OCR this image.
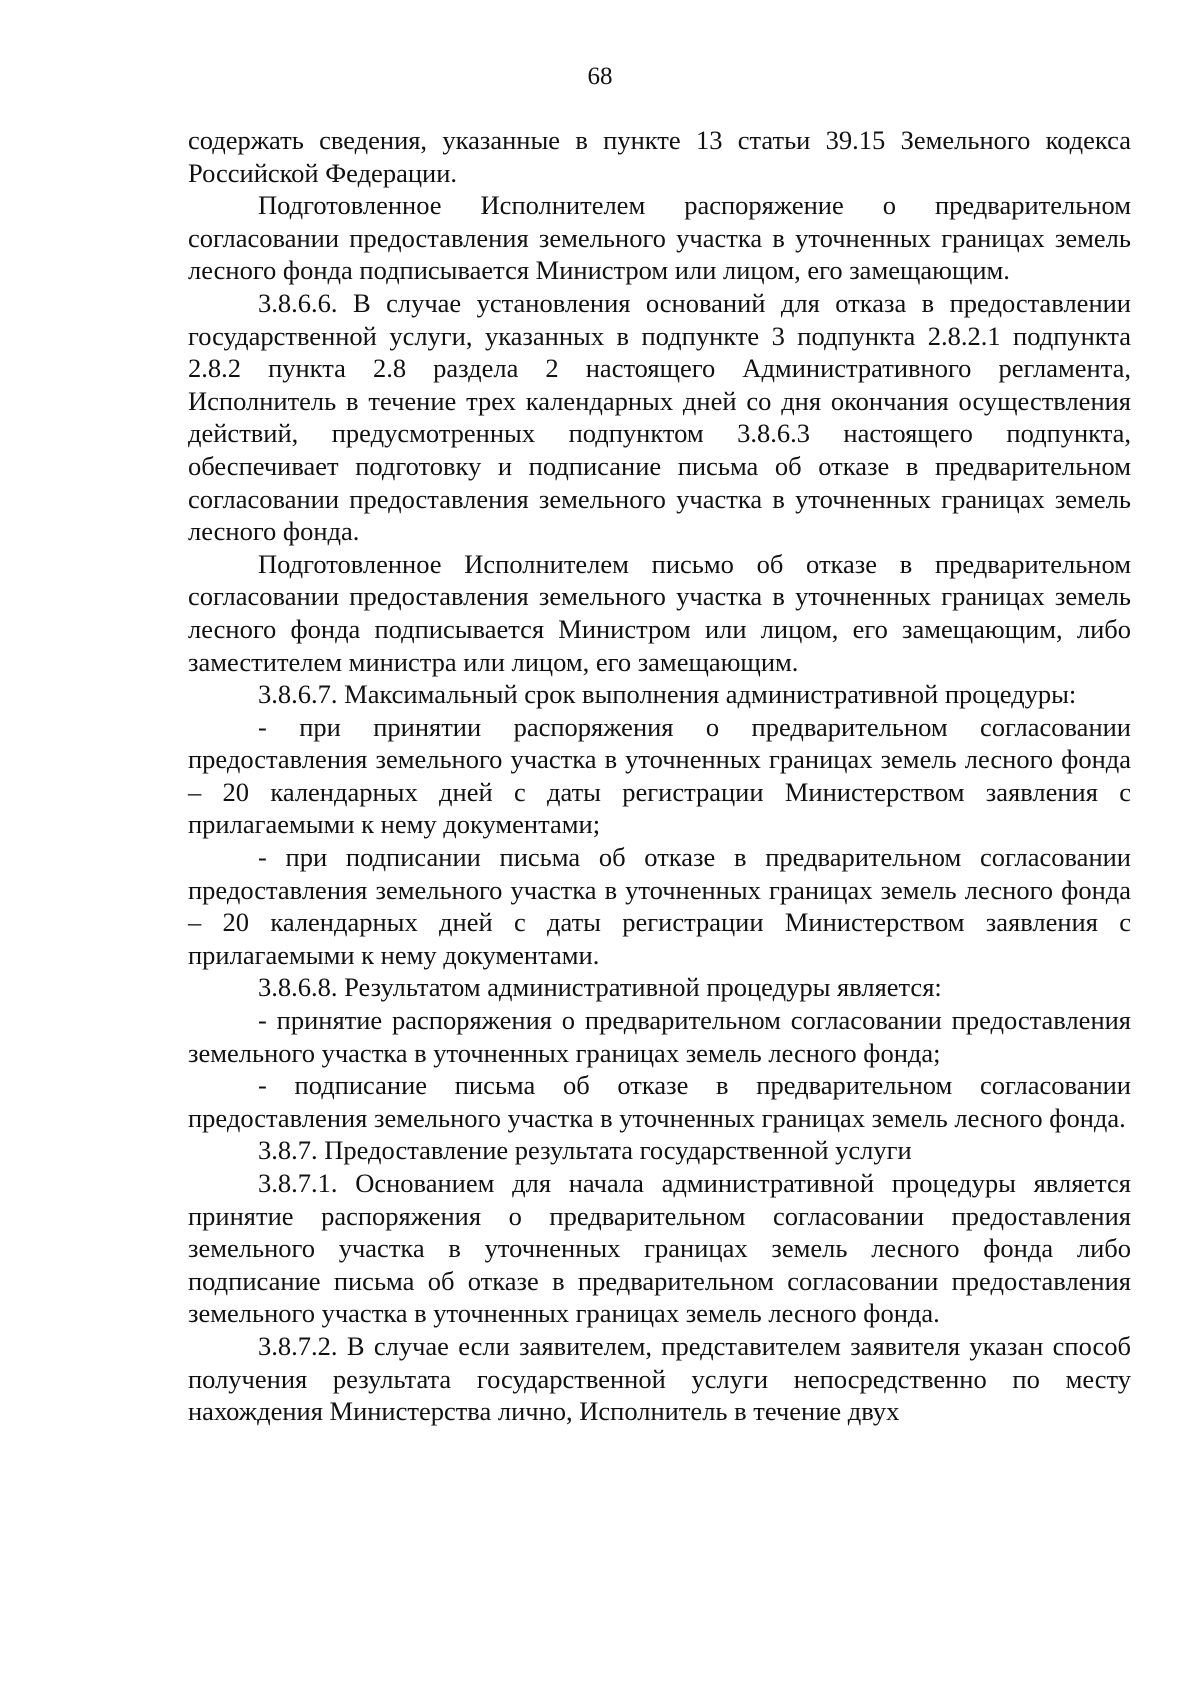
68

содержать сведения, указанные в пункте 13 статьи 39.15 Земельного кодекса Российской Федерации.

Подготовленное Исполнителем распоряжение о предварительном согласовании предоставления земельного участка в уточненных границах земель лесного фонда подписывается Министром или лицом, его замещающим.

3.8.6.6. В случае установления оснований для отказа в предоставлении государственной услуги, указанных в подпункте 3 подпункта 2.8.2.1 подпункта 2.8.2 пункта 2.8 раздела 2 настоящего Административного регламента, Исполнитель в течение трех календарных дней со дня окончания осуществления действий, предусмотренных подпунктом 3.8.6.3 настоящего подпункта, обеспечивает подготовку и подписание письма об отказе в предварительном согласовании предоставления земельного участка в уточненных границах земель лесного фонда.

Подготовленное Исполнителем письмо об отказе в предварительном согласовании предоставления земельного участка в уточненных границах земель лесного фонда подписывается Министром или лицом, его замещающим, либо заместителем министра или лицом, его замещающим.

3.8.6.7. Максимальный срок выполнения административной процедуры:

- при принятии распоряжения о предварительном согласовании предоставления земельного участка в уточненных границах земель лесного фонда – 20 календарных дней с даты регистрации Министерством заявления с прилагаемыми к нему документами;

- при подписании письма об отказе в предварительном согласовании предоставления земельного участка в уточненных границах земель лесного фонда – 20 календарных дней с даты регистрации Министерством заявления с прилагаемыми к нему документами.

3.8.6.8. Результатом административной процедуры является:

- принятие распоряжения о предварительном согласовании предоставления земельного участка в уточненных границах земель лесного фонда;

- подписание письма об отказе в предварительном согласовании предоставления земельного участка в уточненных границах земель лесного фонда.

3.8.7. Предоставление результата государственной услуги

3.8.7.1. Основанием для начала административной процедуры является принятие распоряжения о предварительном согласовании предоставления земельного участка в уточненных границах земель лесного фонда либо подписание письма об отказе в предварительном согласовании предоставления земельного участка в уточненных границах земель лесного фонда.

3.8.7.2. В случае если заявителем, представителем заявителя указан способ получения результата государственной услуги непосредственно по месту нахождения Министерства лично, Исполнитель в течение двух
